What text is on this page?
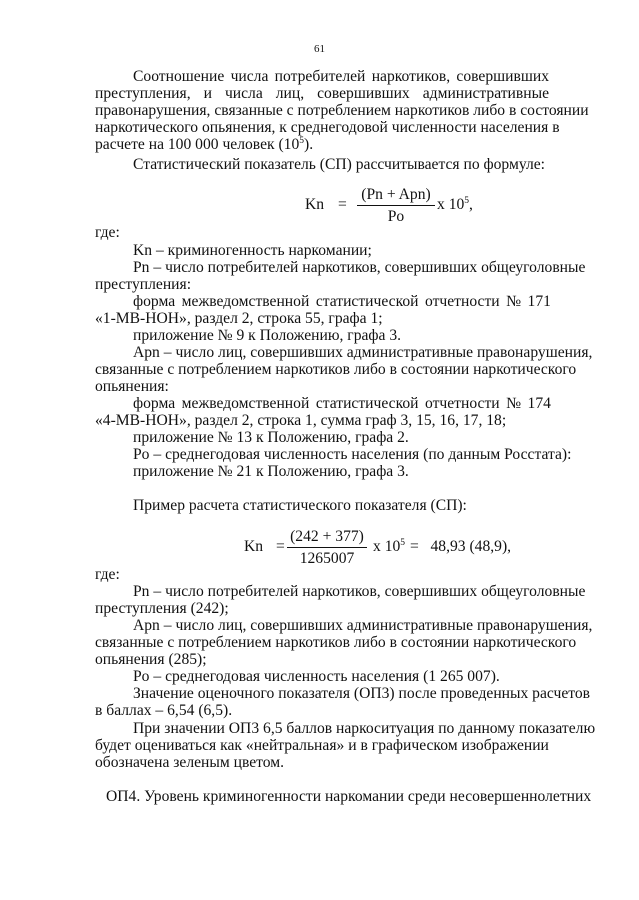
61
Соотношение числа потребителей наркотиков, совершивших
преступления, и числа лиц, совершивших административные
правонарушения, связанные с потреблением наркотиков либо в состоянии
наркотического опьянения, к среднегодовой численности населения в
расчете на 100 000 человек $(10^5)$.
Статистический показатель (СП) рассчитывается по формуле:
Kn =
(Pn + Apn)
Po
x $10^5$,
где:
Kn – криминогенность наркомании;
Pn – число потребителей наркотиков, совершивших общеуголовные
преступления:
форма межведомственной статистической отчетности № 171
«1-МВ-НОН», раздел 2, строка 55, графа 1;
приложение № 9 к Положению, графа 3.
Apn – число лиц, совершивших административные правонарушения,
связанные с потреблением наркотиков либо в состоянии наркотического
опьянения:
форма межведомственной статистической отчетности № 174
«4-МВ-НОН», раздел 2, строка 1, сумма граф 3, 15, 16, 17, 18;
приложение № 13 к Положению, графа 2.
Po – среднегодовая численность населения (по данным Росстата):
приложение № 21 к Положению, графа 3.
Пример расчета статистического показателя (СП):
$Kn = \frac{(242 + 377)}{1265007}$ x $10^5 = 48,93$ (48,9),
где:
Pn – число потребителей наркотиков, совершивших общеуголовные
преступления (242);
Apn – число лиц, совершивших административные правонарушения,
связанные с потреблением наркотиков либо в состоянии наркотического
опьянения (285);
Po – среднегодовая численность населения (1 265 007).
Значение оценочного показателя (ОП3) после проведенных расчетов
в баллах – 6,54 (6,5).
При значении ОП3 6,5 баллов наркоситуация по данному показателю
будет оцениваться как «нейтральная» и в графическом изображении
обозначена зеленым цветом.
ОП4. Уровень криминогенности наркомании среди несовершеннолетних
